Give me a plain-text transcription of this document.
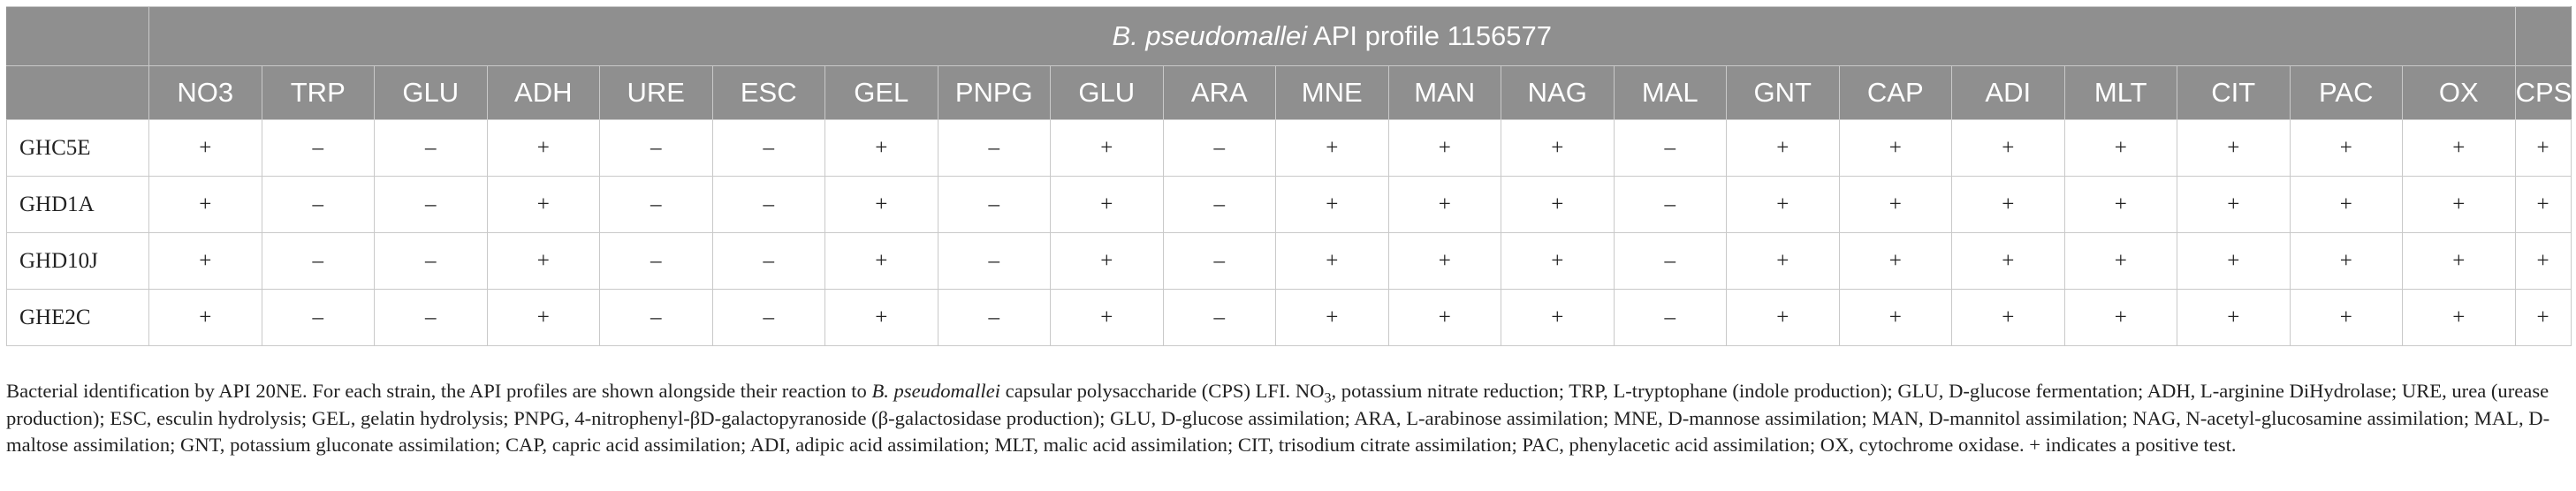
	B. pseudomallei API profile 1156577																					
	NO3	TRP	GLU	ADH	URE	ESC	GEL	PNPG	GLU	ARA	MNE	MAN	NAG	MAL	GNT	CAP	ADI	MLT	CIT	PAC	OX	CPS
GHC5E	+	–	–	+	–	–	+	–	+	–	+	+	+	–	+	+	+	+	+	+	+	+
GHD1A	+	–	–	+	–	–	+	–	+	–	+	+	+	–	+	+	+	+	+	+	+	+
GHD10J	+	–	–	+	–	–	+	–	+	–	+	+	+	–	+	+	+	+	+	+	+	+
GHE2C	+	–	–	+	–	–	+	–	+	–	+	+	+	–	+	+	+	+	+	+	+	+
Bacterial identification by API 20NE. For each strain, the API profiles are shown alongside their reaction to B. pseudomallei capsular polysaccharide (CPS) LFI. $NO_3$, potassium nitrate reduction; TRP, L-tryptophane (indole production); GLU, D-glucose fermentation; ADH, L-arginine DiHydrolase; URE, urea (urease production); ESC, esculin hydrolysis; GEL, gelatin hydrolysis; PNPG, 4-nitrophenyl-βD-galactopyranoside (β-galactosidase production); GLU, D-glucose assimilation; ARA, L-arabinose assimilation; MNE, D-mannose assimilation; MAN, D-mannitol assimilation; NAG, N-acetyl-glucosamine assimilation; MAL, D-maltose assimilation; GNT, potassium gluconate assimilation; CAP, capric acid assimilation; ADI, adipic acid assimilation; MLT, malic acid assimilation; CIT, trisodium citrate assimilation; PAC, phenylacetic acid assimilation; OX, cytochrome oxidase. + indicates a positive test.
